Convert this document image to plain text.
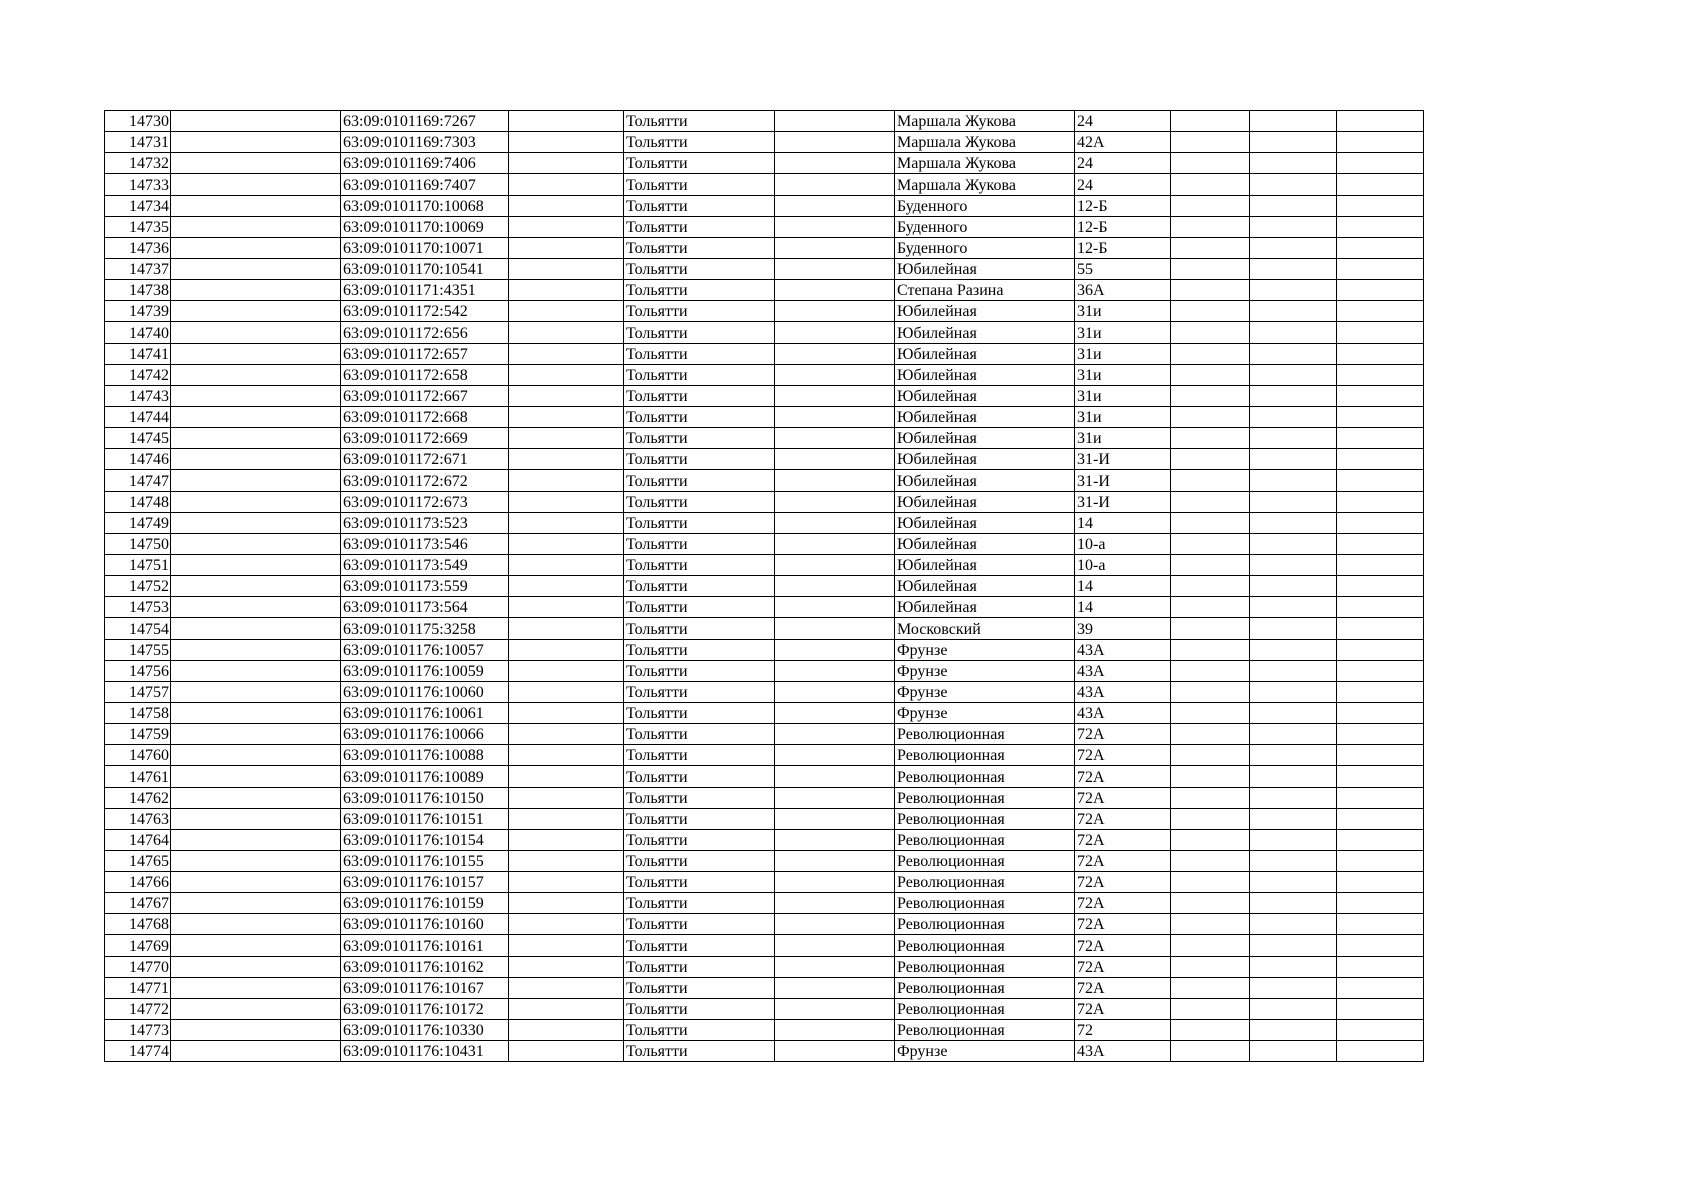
14730		63:09:0101169:7267		Тольятти		Маршала Жукова	24			
14731		63:09:0101169:7303		Тольятти		Маршала Жукова	42А			
14732		63:09:0101169:7406		Тольятти		Маршала Жукова	24			
14733		63:09:0101169:7407		Тольятти		Маршала Жукова	24			
14734		63:09:0101170:10068		Тольятти		Буденного	12-Б			
14735		63:09:0101170:10069		Тольятти		Буденного	12-Б			
14736		63:09:0101170:10071		Тольятти		Буденного	12-Б			
14737		63:09:0101170:10541		Тольятти		Юбилейная	55			
14738		63:09:0101171:4351		Тольятти		Степана Разина	36А			
14739		63:09:0101172:542		Тольятти		Юбилейная	31и			
14740		63:09:0101172:656		Тольятти		Юбилейная	31и			
14741		63:09:0101172:657		Тольятти		Юбилейная	31и			
14742		63:09:0101172:658		Тольятти		Юбилейная	31и			
14743		63:09:0101172:667		Тольятти		Юбилейная	31и			
14744		63:09:0101172:668		Тольятти		Юбилейная	31и			
14745		63:09:0101172:669		Тольятти		Юбилейная	31и			
14746		63:09:0101172:671		Тольятти		Юбилейная	31-И			
14747		63:09:0101172:672		Тольятти		Юбилейная	31-И			
14748		63:09:0101172:673		Тольятти		Юбилейная	31-И			
14749		63:09:0101173:523		Тольятти		Юбилейная	14			
14750		63:09:0101173:546		Тольятти		Юбилейная	10-а			
14751		63:09:0101173:549		Тольятти		Юбилейная	10-а			
14752		63:09:0101173:559		Тольятти		Юбилейная	14			
14753		63:09:0101173:564		Тольятти		Юбилейная	14			
14754		63:09:0101175:3258		Тольятти		Московский	39			
14755		63:09:0101176:10057		Тольятти		Фрунзе	43А			
14756		63:09:0101176:10059		Тольятти		Фрунзе	43А			
14757		63:09:0101176:10060		Тольятти		Фрунзе	43А			
14758		63:09:0101176:10061		Тольятти		Фрунзе	43А			
14759		63:09:0101176:10066		Тольятти		Революционная	72А			
14760		63:09:0101176:10088		Тольятти		Революционная	72А			
14761		63:09:0101176:10089		Тольятти		Революционная	72А			
14762		63:09:0101176:10150		Тольятти		Революционная	72А			
14763		63:09:0101176:10151		Тольятти		Революционная	72А			
14764		63:09:0101176:10154		Тольятти		Революционная	72А			
14765		63:09:0101176:10155		Тольятти		Революционная	72А			
14766		63:09:0101176:10157		Тольятти		Революционная	72А			
14767		63:09:0101176:10159		Тольятти		Революционная	72А			
14768		63:09:0101176:10160		Тольятти		Революционная	72А			
14769		63:09:0101176:10161		Тольятти		Революционная	72А			
14770		63:09:0101176:10162		Тольятти		Революционная	72А			
14771		63:09:0101176:10167		Тольятти		Революционная	72А			
14772		63:09:0101176:10172		Тольятти		Революционная	72А			
14773		63:09:0101176:10330		Тольятти		Революционная	72			
14774		63:09:0101176:10431		Тольятти		Фрунзе	43А			
